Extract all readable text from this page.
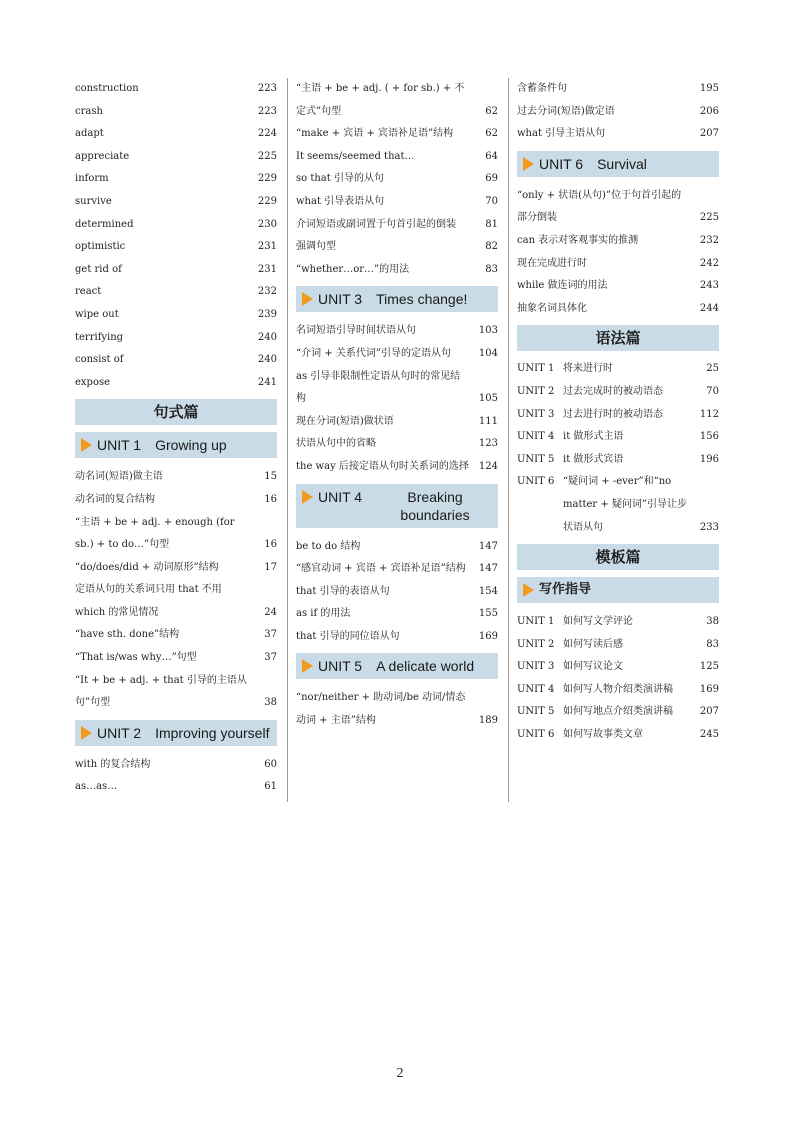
construction	223
crash	223
adapt	224
appreciate	225
inform	229
survive	229
determined	230
optimistic	231
get rid of	231
react	232
wipe out	239
terrifying	240
consist of	240
expose	241
句式篇
UNIT 1 Growing up
动名词(短语)做主语	15
动名词的复合结构	16
“主语 + be + adj. + enough (for sb.) + to do…”句型	16
“do/does/did + 动词原形”结构	17
定语从句的关系词只用 that 不用 which 的常见情况	24
“have sth. done”结构	37
“That is/was why…”句型	37
“It + be + adj. + that 引导的主语从句”句型	38
UNIT 2 Improving yourself
with 的复合结构	60
as…as…	61
“主语 + be + adj. ( + for sb.) + 不定式”句型	62
“make + 宾语 + 宾语补足语”结构	62
It seems/seemed that…	64
so that 引导的从句	69
what 引导表语从句	70
介词短语或副词置于句首引起的倒装	81
强调句型	82
“whether…or…”的用法	83
UNIT 3 Times change!
名词短语引导时间状语从句	103
“介词 + 关系代词”引导的定语从句	104
as 引导非限制性定语从句时的常见结构	105
现在分词(短语)做状语	111
状语从句中的省略	123
the way 后接定语从句时关系词的选择 124
UNIT 4	Breaking boundaries
be to do 结构	147
“感官动词 + 宾语 + 宾语补足语”结构 147
that 引导的表语从句	154
as if 的用法	155
that 引导的同位语从句	169
UNIT 5 A delicate world
“nor/neither + 助动词/be 动词/情态动词 + 主语”结构	189
含蓄条件句	195
过去分词(短语)做定语	206
what 引导主语从句	207
UNIT 6 Survival
“only + 状语(从句)”位于句首引起的部分倒装	225
can 表示对客观事实的推测	232
现在完成进行时	242
while 做连词的用法	243
抽象名词具体化	244
语法篇
UNIT 1 将来进行时	25
UNIT 2 过去完成时的被动语态	70
UNIT 3 过去进行时的被动语态	112
UNIT 4 it 做形式主语	156
UNIT 5 it 做形式宾语	196
UNIT 6 “疑问词 + -ever”和“no matter + 疑问词”引导让步状语从句	233
模板篇
写作指导
UNIT 1 如何写文学评论	38
UNIT 2 如何写读后感	83
UNIT 3 如何写议论文	125
UNIT 4 如何写人物介绍类演讲稿	169
UNIT 5 如何写地点介绍类演讲稿	207
UNIT 6 如何写故事类文章	245
2
